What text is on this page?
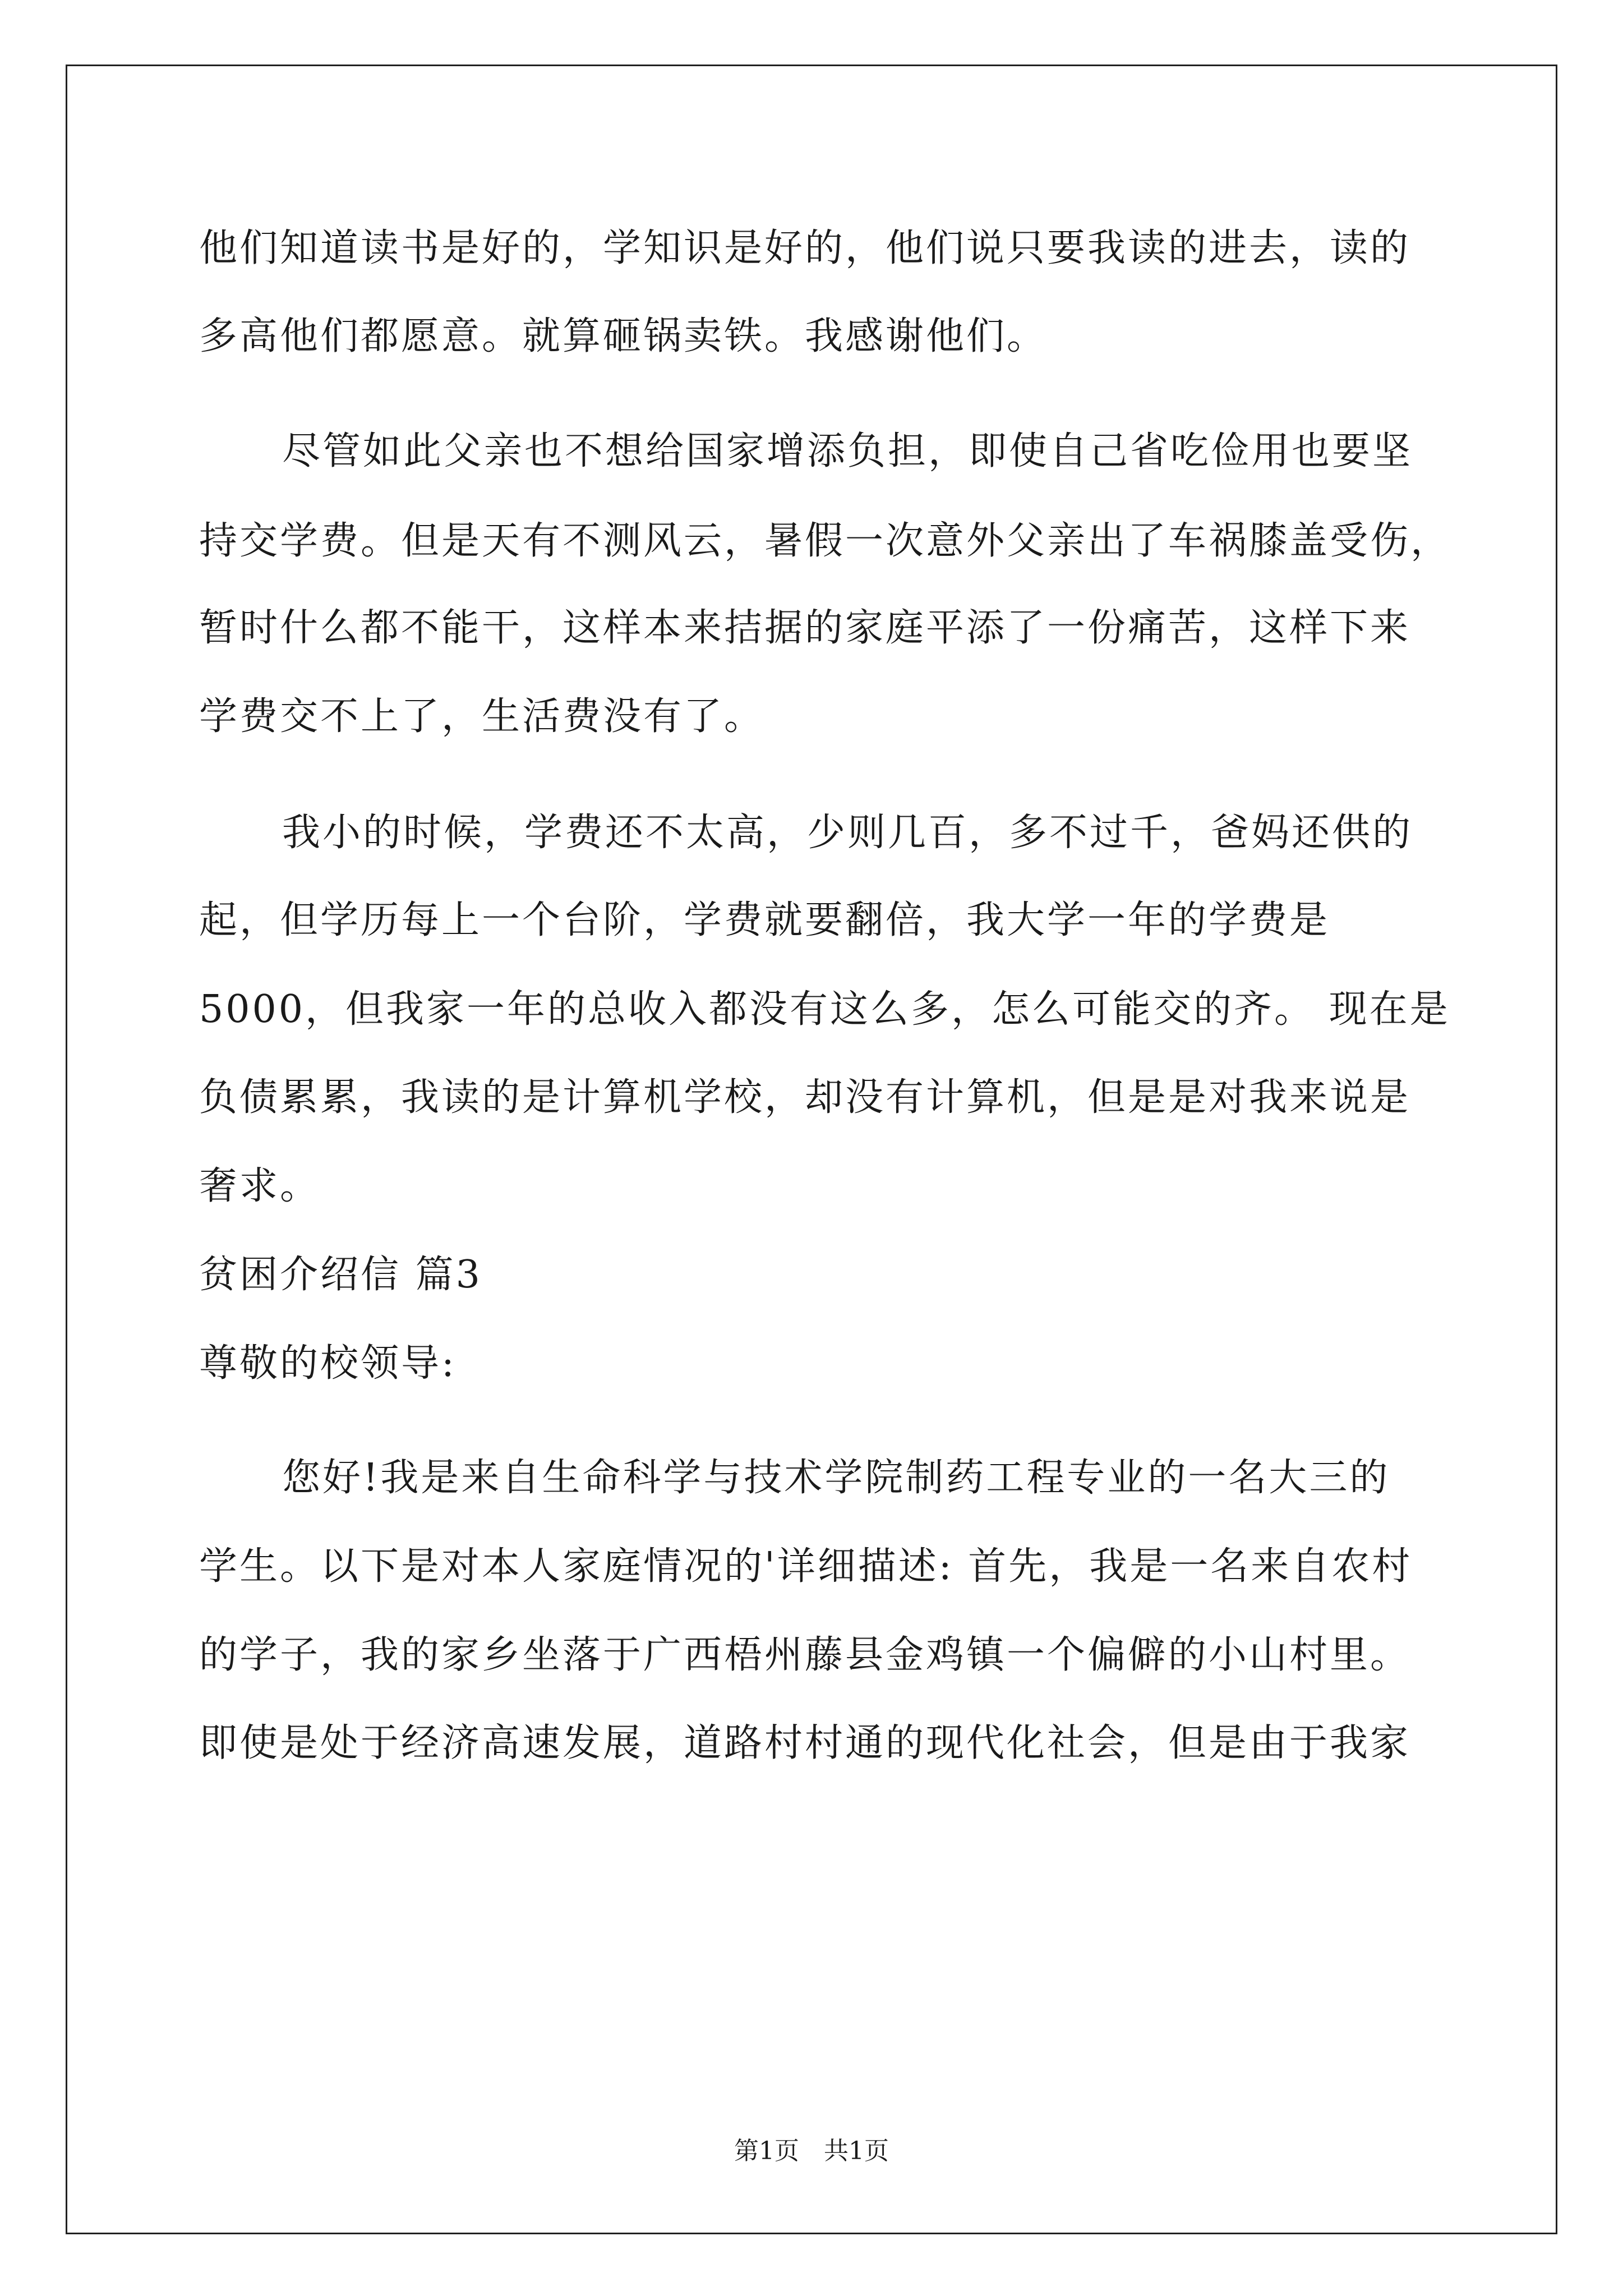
他们知道读书是好的，学知识是好的，他们说只要我读的进去，读的
多高他们都愿意。就算砸锅卖铁。我感谢他们。
尽管如此父亲也不想给国家增添负担，即使自己省吃俭用也要坚
持交学费。但是天有不测风云，暑假一次意外父亲出了车祸膝盖受伤，
暂时什么都不能干，这样本来拮据的家庭平添了一份痛苦，这样下来
学费交不上了，生活费没有了。
我小的时候，学费还不太高，少则几百，多不过千，爸妈还供的
起，但学历每上一个台阶，学费就要翻倍，我大学一年的学费是
5000，但我家一年的总收入都没有这么多，怎么可能交的齐。 现在是
负债累累，我读的是计算机学校，却没有计算机，但是是对我来说是
奢求。
贫困介绍信 篇3
尊敬的校领导:
您好!我是来自生命科学与技术学院制药工程专业的一名大三的
学生。以下是对本人家庭情况的'详细描述: 首先，我是一名来自农村
的学子，我的家乡坐落于广西梧州藤县金鸡镇一个偏僻的小山村里。
即使是处于经济高速发展，道路村村通的现代化社会，但是由于我家
第1页　共1页
